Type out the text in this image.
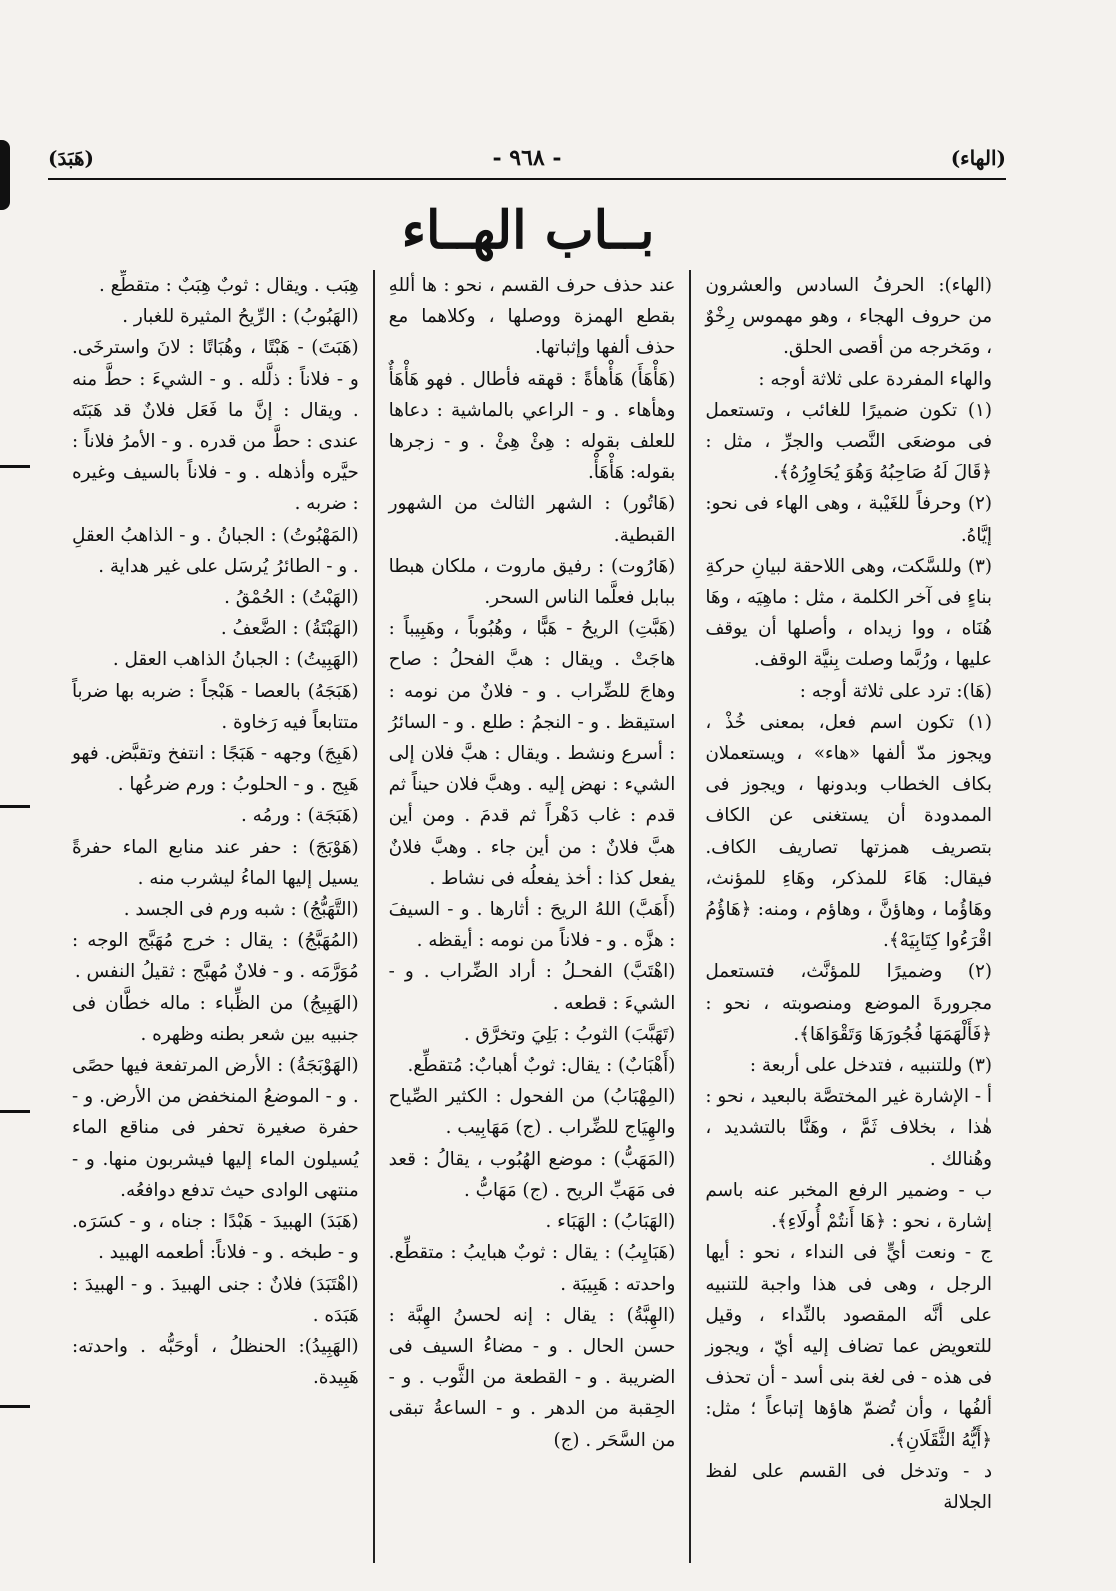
(الهاء)
- ٩٦٨ -
(هَبَدَ)
بــاب الهــاء

(الهاء): الحرفُ السادس والعشرون من حروف الهجاء ، وهو مهموس رِخْوٌ ، ومَخرجه من أقصى الحلق.

والهاء المفردة على ثلاثة أوجه :

(١) تكون ضميرًا للغائب ، وتستعمل فى موضعَى النَّصب والجرِّ ، مثل : ﴿قَالَ لَهُ صَاحِبُهُ وَهُوَ يُحَاوِرُهُ﴾.

(٢) وحرفاً للغَيْبة ، وهى الهاء فى نحو: إيَّاهُ.

(٣) وللسَّكت، وهى اللاحقة لبيانِ حركةِ بناءٍ فى آخر الكلمة ، مثل : ماهِيَه ، وهَا هُنَاه ، ووا زيداه ، وأصلها أن يوقف عليها ، ورُبَّما وصلت بِنيَّة الوقف.

(هَا): ترد على ثلاثة أوجه :

(١) تكون اسم فعل، بمعنى خُذْ ، ويجوز مدّ ألفها «هاء» ، ويستعملان بكاف الخطاب وبدونها ، ويجوز فى الممدودة أن يستغنى عن الكاف بتصريف همزتها تصاريف الكاف. فيقال: هَاءَ للمذكر، وهَاءِ للمؤنث، وهَاؤُما ، وهاؤنَّ ، وهاؤم ، ومنه: ﴿هَاؤُمُ اقْرَءُوا كِتَابِيَهْ﴾.

(٢) وضميرًا للمؤنَّث، فتستعمل مجرورةَ الموضع ومنصوبته ، نحو : ﴿فَأَلْهَمَهَا فُجُورَهَا وَتَقْوَاهَا﴾.

(٣) وللتنبيه ، فتدخل على أربعة :

أ - الإشارة غير المختصَّة بالبعيد ، نحو : هٰذا ، بخلاف ثَمَّ ، وهَنَّا بالتشديد ، وهُنالك .

ب - وضمير الرفع المخبر عنه باسم إشارة ، نحو : ﴿هَا أَنتُمْ أُولَاءِ﴾.

ج - ونعت أيٍّ فى النداء ، نحو : أيها الرجل ، وهى فى هذا واجبة للتنبيه على أنَّه المقصود بالنِّداء ، وقيل للتعويض عما تضاف إليه أيّ ، ويجوز فى هذه - فى لغة بنى أسد - أن تحذف ألفُها ، وأن تُضمّ هاؤها إتباعاً ؛ مثل: ﴿أَيُّهُ الثَّقَلَانِ﴾.

د - وتدخل فى القسم على لفظ الجلالة

عند حذف حرف القسم ، نحو : ها أللهِ بقطع الهمزة ووصلها ، وكلاهما مع حذف ألفها وإثباتها.

(هَأْهَأَ) هَأْهأةً : قهقه فأطال . فهو هَأْهَأٌ وهأهاء . و - الراعي بالماشية : دعاها للعلف بقوله : هِئْ هِئْ . و - زجرها بقوله: هَأْهَأْ.

(هَاتُور) : الشهر الثالث من الشهور القبطية.

(هَارُوت) : رفيق ماروت ، ملكان هبطا ببابل فعلَّما الناس السحر.

(هَبَّتِ) الريحُ - هَبًّا ، وهُبُوباً ، وهَبِيباً : هاجَتْ . ويقال : هبَّ الفحلُ : صاح وهاجَ للضِّراب . و - فلانٌ من نومه : استيقظ . و - النجمُ : طلع . و - السائرُ : أسرع ونشط . ويقال : هبَّ فلان إلى الشيء : نهض إليه . وهبَّ فلان حيناً ثم قدم : غاب دَهْراً ثم قدمَ . ومن أين هبَّ فلانٌ : من أين جاء . وهبَّ فلانٌ يفعل كذا : أخذ يفعلُه فى نشاط .

(أَهَبَّ) اللهُ الريحَ : أثارها . و - السيفَ : هزَّه . و - فلاناً من نومه : أيقظه .

(اهْتَبَّ) الفحـلُ : أراد الضِّراب . و - الشيءَ : قطعه .

(تَهَبَّبَ) الثوبُ : بَلِيَ وتخرَّق .

(أَهْبَابٌ) : يقال: ثوبٌ أهبابٌ: مُتقطِّع.

(المِهْبَابُ) من الفحول : الكثير الصِّياح والهِيَاج للضِّراب . (ج) مَهَابِيب .

(المَهَبُّ) : موضع الهُبُوب ، يقالُ : قعد فى مَهَبِّ الريح . (ج) مَهَابُّ .

(الهَبَابُ) : الهَبَاء .

(هَبَايِبُ) : يقال : ثوبٌ هبايبُ : متقطِّع. واحدته : هَبِيبَة .

(الهِبَّةُ) : يقال : إنه لحسنُ الهِبَّة : حسن الحال . و - مضاءُ السيف فى الضريبة . و - القطعة من الثَّوب . و - الحِقبة من الدهر . و - الساعةُ تبقى من السَّحَر . (ج)

هِبَب . ويقال : ثوبٌ هِبَبٌ : متقطِّع .

(الهَبُوبُ) : الرِّيحُ المثيرة للغبار .

(هَبَتَ) - هَبْتًا ، وهُبَاتًا : لانَ واسترخَى. و - فلاناً : ذلَّله . و - الشيءَ : حطَّ منه . ويقال : إنَّ ما فَعَل فلانٌ قد هَبَتَه عندى : حطَّ من قدره . و - الأمرُ فلاناً : حيَّره وأذهله . و - فلاناً بالسيف وغيره : ضربه .

(المَهْبُوتُ) : الجبانُ . و - الذاهبُ العقلِ . و - الطائرُ يُرسَل على غير هداية .

(الهَبْتُ) : الحُمْقُ .

(الهَبْتَةُ) : الضَّعفُ .

(الهَبِيتُ) : الجبانُ الذاهب العقل .

(هَبَجَهُ) بالعصا - هَبْجاً : ضربه بها ضرباً متتابعاً فيه رَخاوة .

(هَبِجَ) وجهه - هَبَجًا : انتفخ وتقبَّض. فهو هَبِج . و - الحلوبُ : ورم ضرعُها .

(هَبَجَة) : ورمُه .

(هَوْبَجَ) : حفر عند منابع الماء حفرةً يسيل إليها الماءُ ليشرب منه .

(التَّهَبُّجُ) : شبه ورم فى الجسد .

(المُهَبَّجُ) : يقال : خرج مُهَبَّج الوجه : مُوَرَّمَه . و - فلانٌ مُهبَّج : ثقيلُ النفس .

(الهَبِيجُ) من الظِّباء : ماله خطَّان فى جنبيه بين شعر بطنه وظهره .

(الهَوْبَجَةُ) : الأرض المرتفعة فيها حصًى . و - الموضعُ المنخفض من الأرض. و - حفرة صغيرة تحفر فى مناقع الماء يُسيلون الماء إليها فيشربون منها. و - منتهى الوادى حيث تدفع دوافعُه.

(هَبَدَ) الهبيدَ - هَبْدًا : جناه ، و - كسَرَه. و - طبخه . و - فلاناً: أطعمه الهبيد .

(اهْتَبَدَ) فلانٌ : جنى الهبيدَ . و - الهبيدَ : هَبَدَه .

(الهَبِيدُ): الحنظلُ ، أوحَبُّه . واحدته: هَبِيدة.
